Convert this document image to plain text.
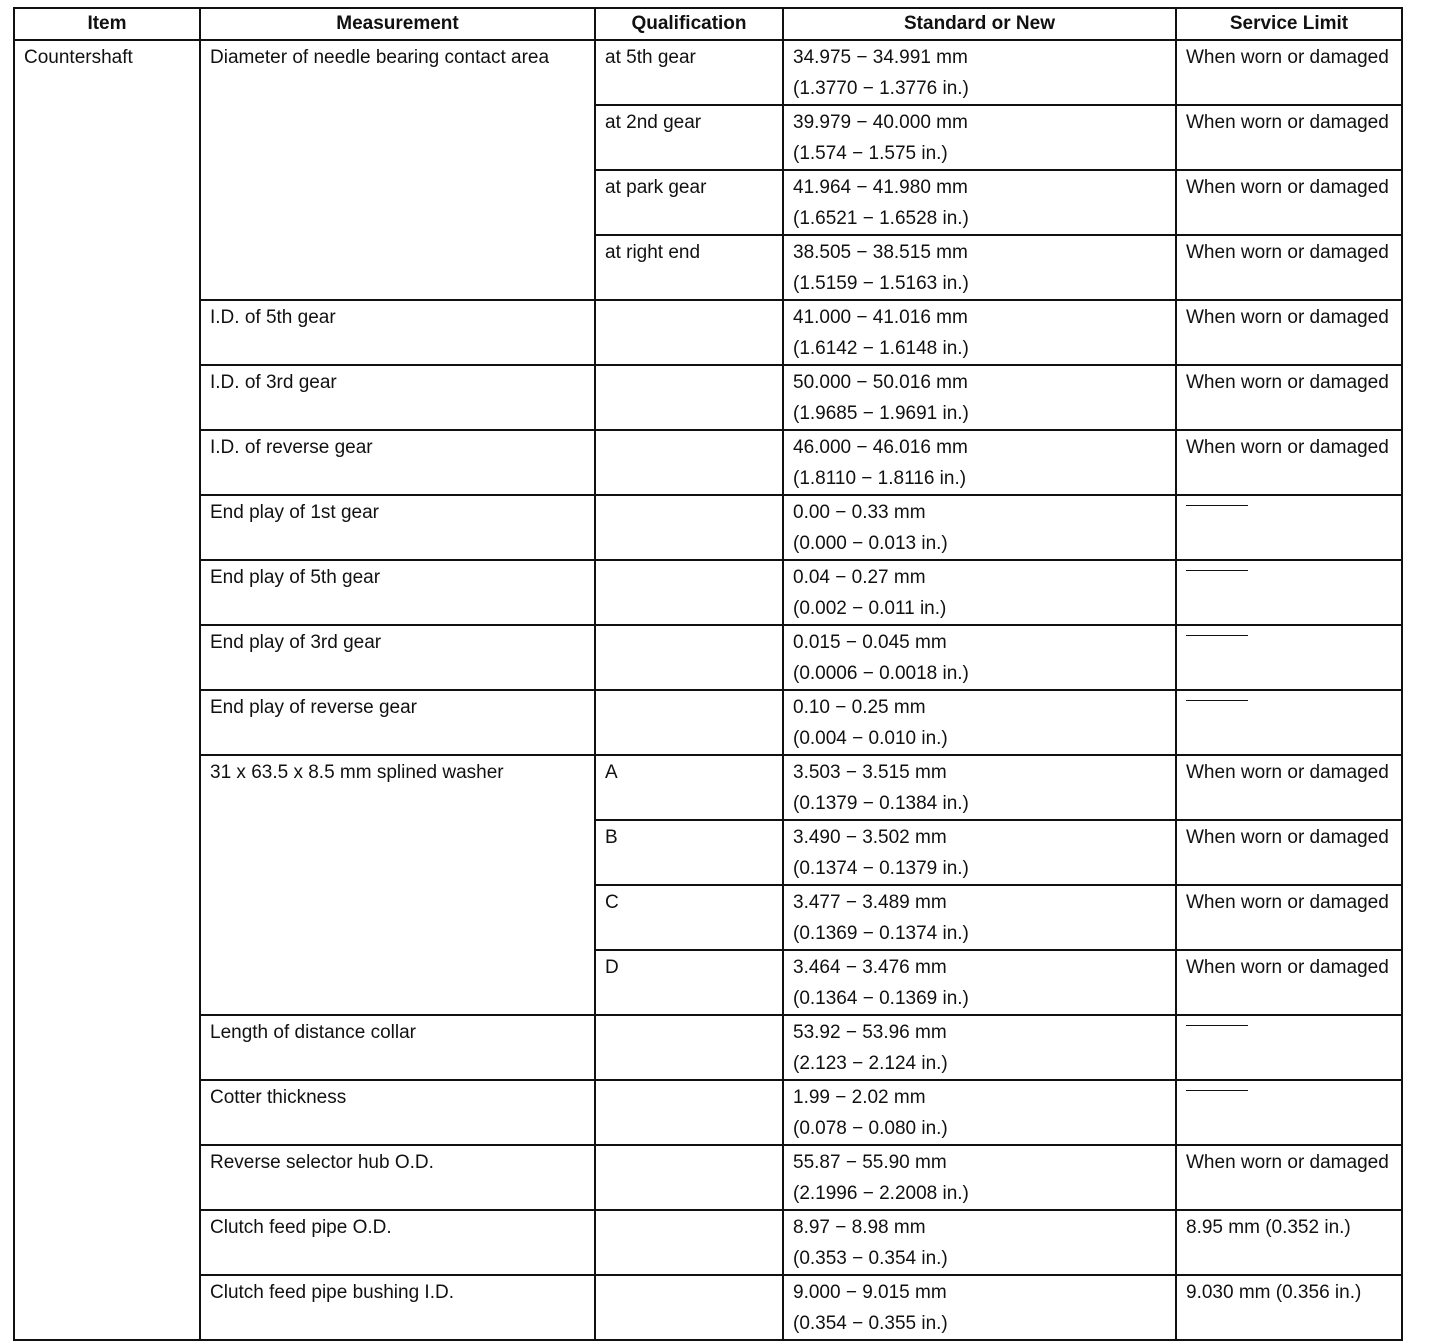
Item	Measurement	Qualification	Standard or New	Service Limit

Countershaft	Diameter of needle bearing contact area	at 5th gear	34.975 − 34.991 mm
(1.3770 − 1.3776 in.)	When worn or damaged

		at 2nd gear	39.979 − 40.000 mm
(1.574 − 1.575 in.)	When worn or damaged

		at park gear	41.964 − 41.980 mm
(1.6521 − 1.6528 in.)	When worn or damaged

		at right end	38.505 − 38.515 mm
(1.5159 − 1.5163 in.)	When worn or damaged

	I.D. of 5th gear		41.000 − 41.016 mm
(1.6142 − 1.6148 in.)	When worn or damaged

	I.D. of 3rd gear		50.000 − 50.016 mm
(1.9685 − 1.9691 in.)	When worn or damaged

	I.D. of reverse gear		46.000 − 46.016 mm
(1.8110 − 1.8116 in.)	When worn or damaged

	End play of 1st gear		0.00 − 0.33 mm
(0.000 − 0.013 in.)	

	End play of 5th gear		0.04 − 0.27 mm
(0.002 − 0.011 in.)	

	End play of 3rd gear		0.015 − 0.045 mm
(0.0006 − 0.0018 in.)	

	End play of reverse gear		0.10 − 0.25 mm
(0.004 − 0.010 in.)	

	31 x 63.5 x 8.5 mm splined washer	A	3.503 − 3.515 mm
(0.1379 − 0.1384 in.)	When worn or damaged

		B	3.490 − 3.502 mm
(0.1374 − 0.1379 in.)	When worn or damaged

		C	3.477 − 3.489 mm
(0.1369 − 0.1374 in.)	When worn or damaged

		D	3.464 − 3.476 mm
(0.1364 − 0.1369 in.)	When worn or damaged

	Length of distance collar		53.92 − 53.96 mm
(2.123 − 2.124 in.)	

	Cotter thickness		1.99 − 2.02 mm
(0.078 − 0.080 in.)	

	Reverse selector hub O.D.		55.87 − 55.90 mm
(2.1996 − 2.2008 in.)	When worn or damaged

	Clutch feed pipe O.D.		8.97 − 8.98 mm
(0.353 − 0.354 in.)	8.95 mm (0.352 in.)

	Clutch feed pipe bushing I.D.		9.000 − 9.015 mm
(0.354 − 0.355 in.)	9.030 mm (0.356 in.)
